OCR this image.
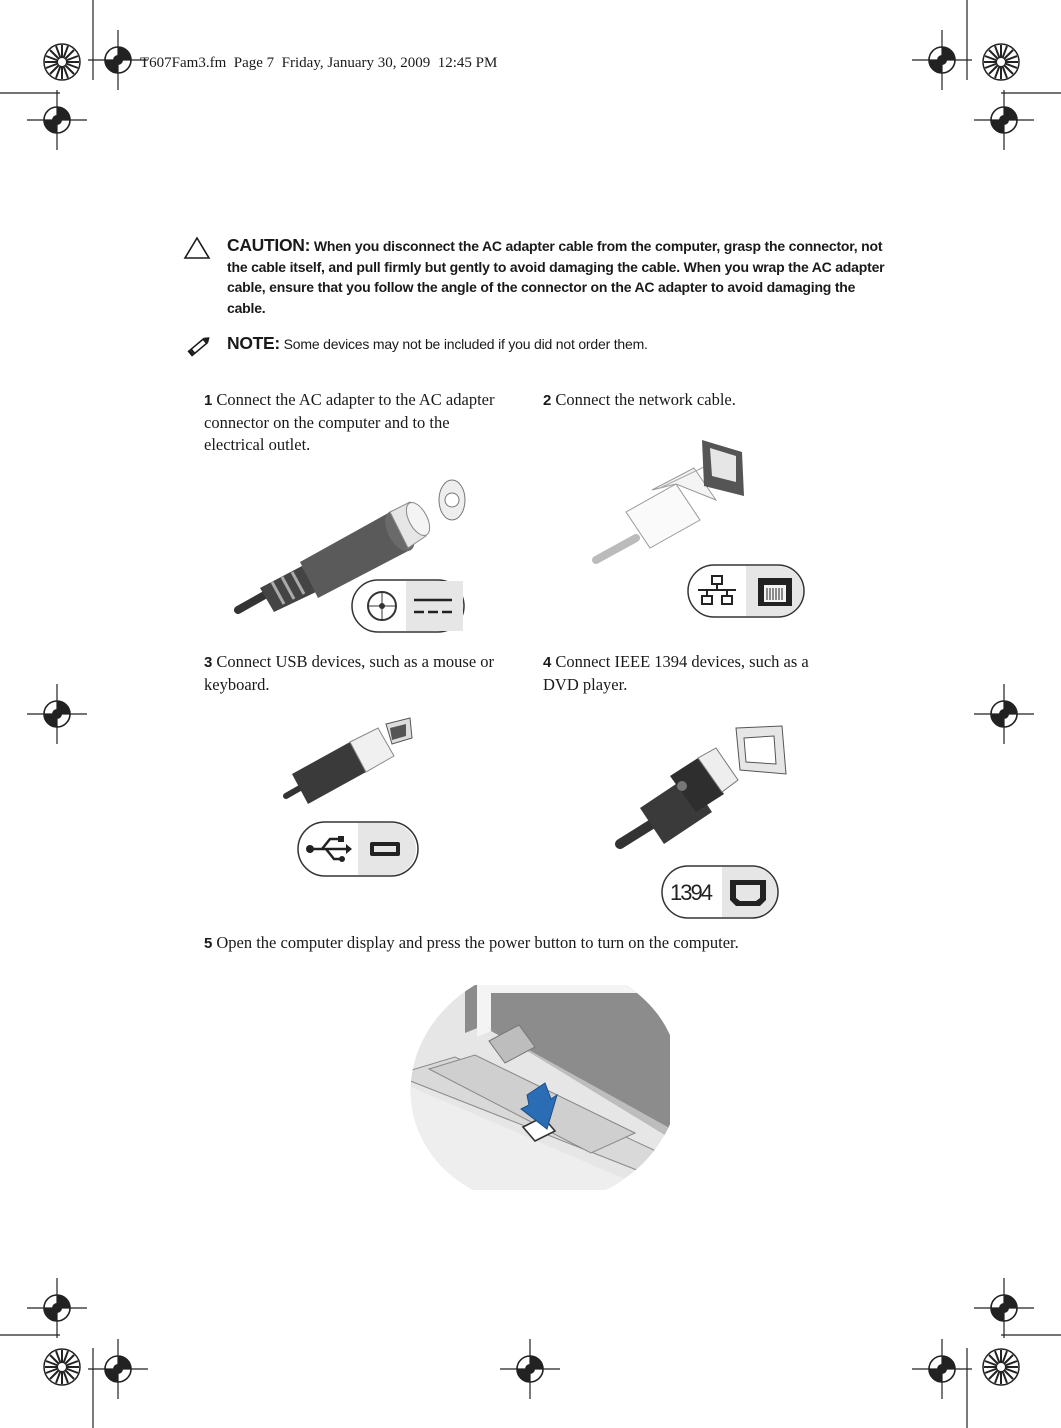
T607Fam3.fm Page 7 Friday, January 30, 2009 12:45 PM
CAUTION: When you disconnect the AC adapter cable from the computer, grasp the connector, not the cable itself, and pull firmly but gently to avoid damaging the cable. When you wrap the AC adapter cable, ensure that you follow the angle of the connector on the AC adapter to avoid damaging the cable.
NOTE: Some devices may not be included if you did not order them.
1 Connect the AC adapter to the AC adapter connector on the computer and to the electrical outlet.
2 Connect the network cable.
3 Connect USB devices, such as a mouse or keyboard.
4 Connect IEEE 1394 devices, such as a DVD player.
5 Open the computer display and press the power button to turn on the computer.
1394
